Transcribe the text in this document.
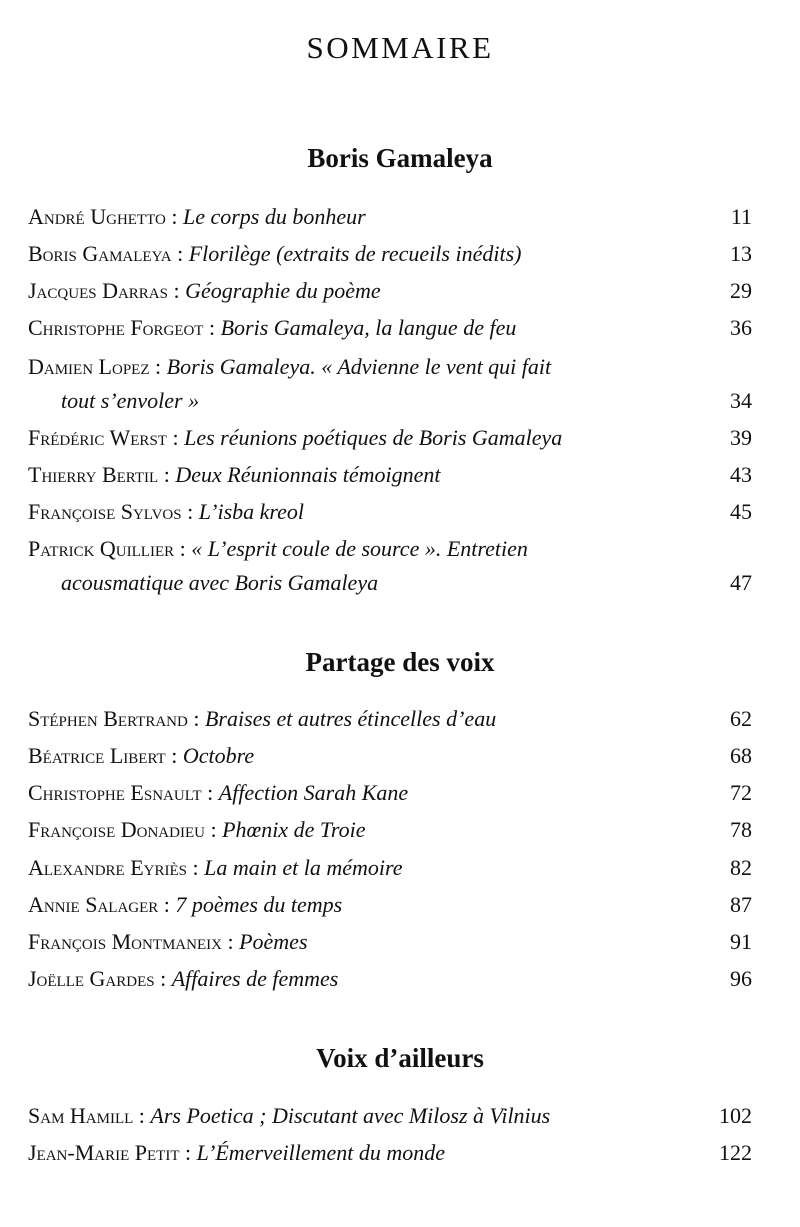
SOMMAIRE
Boris Gamaleya
André Ughetto : Le corps du bonheur	11
Boris Gamaleya : Florilège (extraits de recueils inédits)	13
Jacques Darras : Géographie du poème	29
Christophe Forgeot : Boris Gamaleya, la langue de feu	36
Damien Lopez : Boris Gamaleya. « Advienne le vent qui fait
tout s’envoler »	34
Frédéric Werst : Les réunions poétiques de Boris Gamaleya	39
Thierry Bertil : Deux Réunionnais témoignent	43
Françoise Sylvos : L’isba kreol	45
Patrick Quillier : « L’esprit coule de source ». Entretien
acousmatique avec Boris Gamaleya	47
Partage des voix
Stéphen Bertrand : Braises et autres étincelles d’eau	62
Béatrice Libert : Octobre	68
Christophe Esnault : Affection Sarah Kane	72
Françoise Donadieu : Phœnix de Troie	78
Alexandre Eyriès : La main et la mémoire	82
Annie Salager : 7 poèmes du temps	87
François Montmaneix : Poèmes	91
Joëlle Gardes : Affaires de femmes	96
Voix d’ailleurs
Sam Hamill : Ars Poetica ; Discutant avec Milosz à Vilnius	102
Jean-Marie Petit : L’Émerveillement du monde	122
